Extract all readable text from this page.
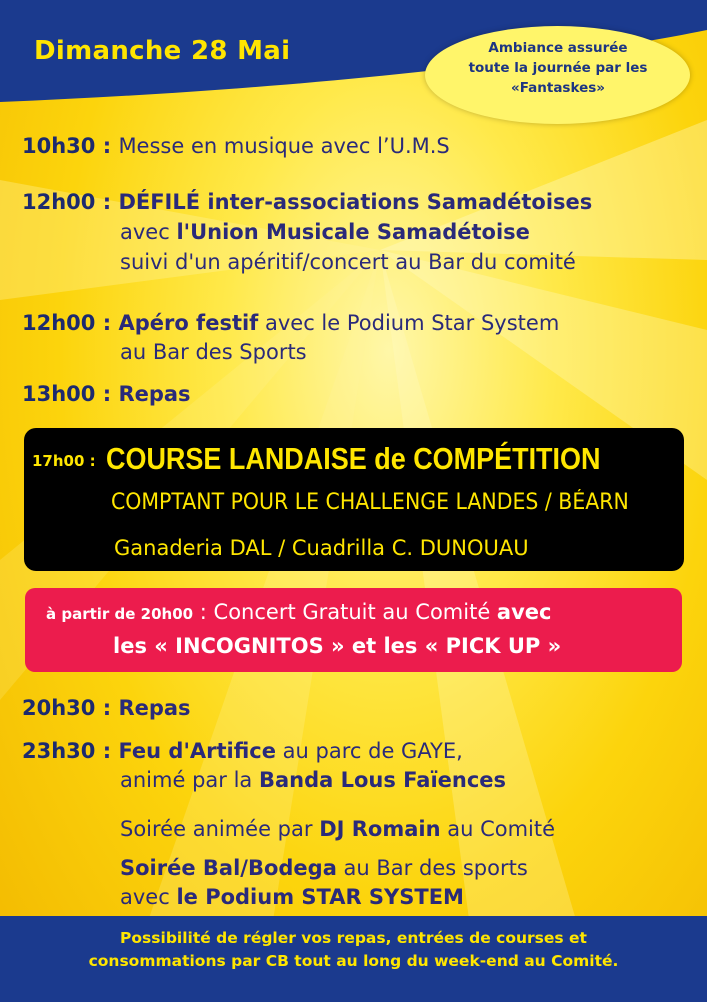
Dimanche 28 Mai	Ambiance assurée
toute la journée par les
«Fantaskes»
10h30 : Messe en musique avec l’U.M.S
12h00 : DÉFILÉ inter-associations Samadétoises
avec l'Union Musicale Samadétoise
suivi d'un apéritif/concert au Bar du comité
12h00 : Apéro festif avec le Podium Star System
au Bar des Sports
13h00 : Repas
17h00 : COURSE LANDAISE de COMPÉTITION
COMPTANT POUR LE CHALLENGE LANDES / BÉARN
Ganaderia DAL / Cuadrilla C. DUNOUAU
à partir de 20h00 : Concert Gratuit au Comité avec
les « INCOGNITOS » et les « PICK UP »
20h30 : Repas
23h30 : Feu d'Artifice au parc de GAYE,
animé par la Banda Lous Faïences
Soirée animée par DJ Romain au Comité
Soirée Bal/Bodega au Bar des sports
avec le Podium STAR SYSTEM
Possibilité de régler vos repas, entrées de courses et
consommations par CB tout au long du week-end au Comité.
